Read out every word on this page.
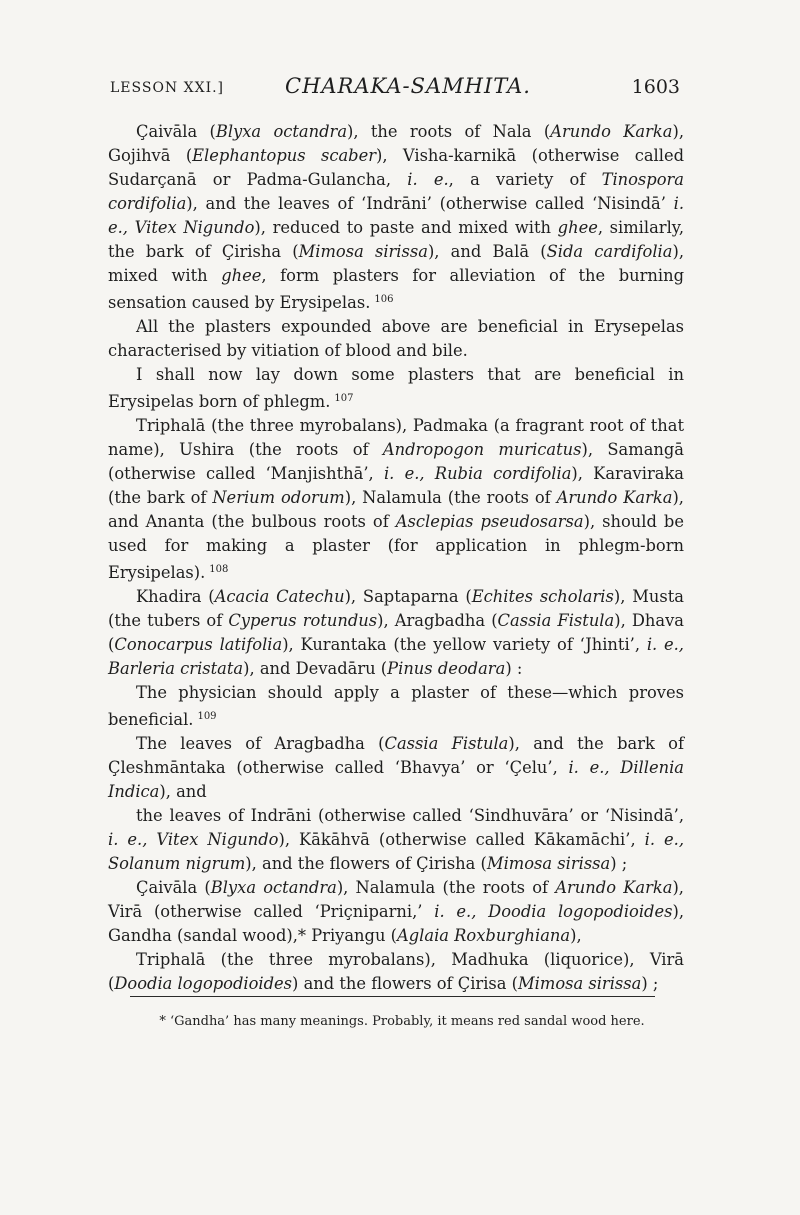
LESSON XXI.]	CHARAKA-SAMHITA.	1603

Çaivāla (Blyxa octandra), the roots of Nala (Arundo Karka), Gojihvā (Elephantopus scaber), Visha-karnikā (otherwise called Sudarçanā or Padma-Gulancha, i. e., a variety of Tinospora cordifolia), and the leaves of ‘Indrāni’ (otherwise called ‘Nisindā’ i. e., Vitex Nigundo), reduced to paste and mixed with ghee, similarly, the bark of Çirisha (Mimosa sirissa), and Balā (Sida cardifolia), mixed with ghee, form plasters for alleviation of the burning sensation caused by Erysipelas. $^{106}$

All the plasters expounded above are beneficial in Erysepelas characterised by vitiation of blood and bile.

I shall now lay down some plasters that are beneficial in Erysipelas born of phlegm. $^{107}$

Triphalā (the three myrobalans), Padmaka (a fragrant root of that name), Ushira (the roots of Andropogon muricatus), Samangā (otherwise called ‘Manjishthā’, i. e., Rubia cordifolia), Karaviraka (the bark of Nerium odorum), Nalamula (the roots of Arundo Karka), and Ananta (the bulbous roots of Asclepias pseudosarsa), should be used for making a plaster (for application in phlegm-born Erysipelas). $^{108}$

Khadira (Acacia Catechu), Saptaparna (Echites scholaris), Musta (the tubers of Cyperus rotundus), Aragbadha (Cassia Fistula), Dhava (Conocarpus latifolia), Kurantaka (the yellow variety of ‘Jhinti’, i. e., Barleria cristata), and Devadāru (Pinus deodara) :

The physician should apply a plaster of these—which proves beneficial. $^{109}$

The leaves of Aragbadha (Cassia Fistula), and the bark of Çleshmāntaka (otherwise called ‘Bhavya’ or ‘Çelu’, i. e., Dillenia Indica), and

the leaves of Indrāni (otherwise called ‘Sindhuvāra’ or ‘Nisindā’, i. e., Vitex Nigundo), Kākāhvā (otherwise called Kākamāchi’, i. e., Solanum nigrum), and the flowers of Çirisha (Mimosa sirissa) ;

Çaivāla (Blyxa octandra), Nalamula (the roots of Arundo Karka), Virā (otherwise called ‘Priçniparni,’ i. e., Doodia logopodioides), Gandha (sandal wood),* Priyangu (Aglaia Roxburghiana),

Triphalā (the three myrobalans), Madhuka (liquorice), Virā (Doodia logopodioides) and the flowers of Çirisa (Mimosa sirissa) ;

* ‘Gandha’ has many meanings. Probably, it means red sandal wood here.
